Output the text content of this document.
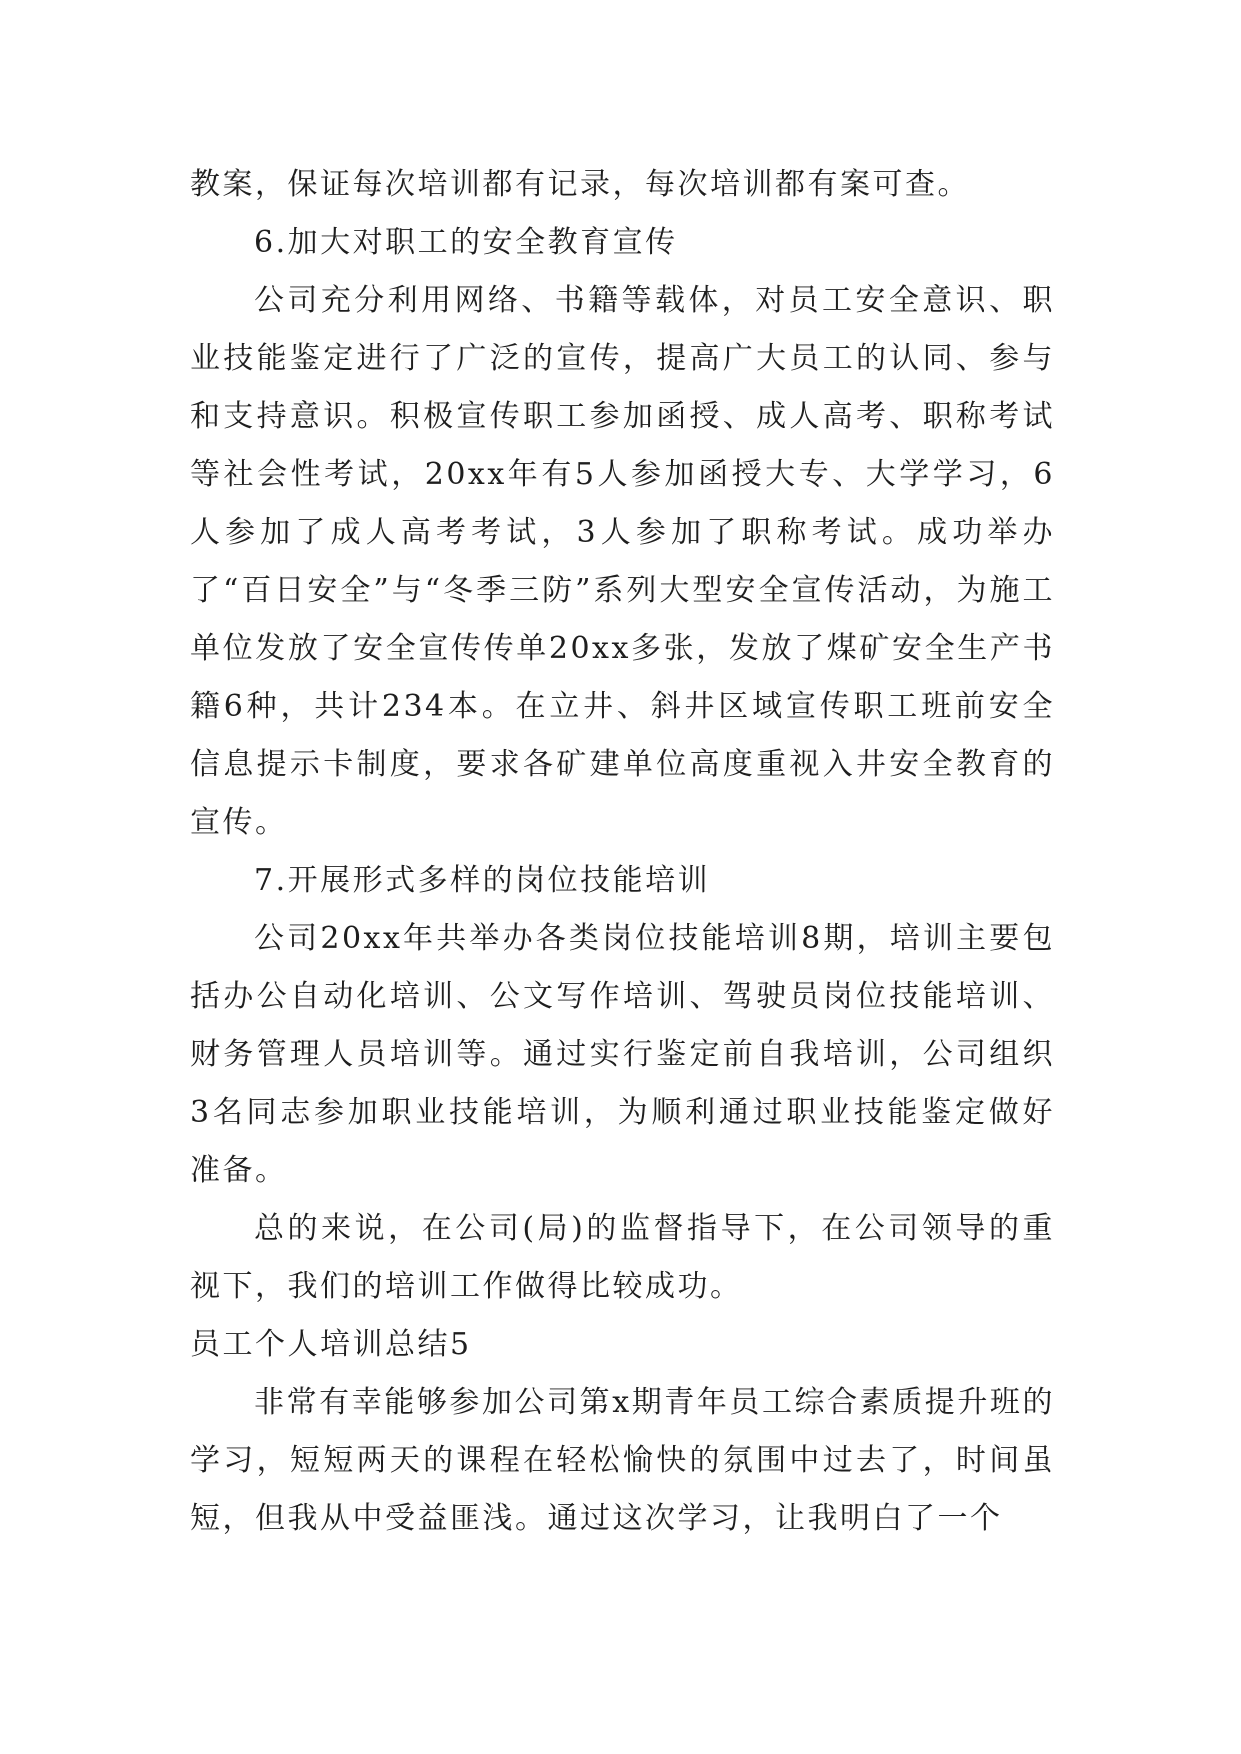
教案，保证每次培训都有记录，每次培训都有案可查。

6.加大对职工的安全教育宣传

公司充分利用网络、书籍等载体，对员工安全意识、职业技能鉴定进行了广泛的宣传，提高广大员工的认同、参与和支持意识。积极宣传职工参加函授、成人高考、职称考试等社会性考试，20xx年有5人参加函授大专、大学学习，6人参加了成人高考考试，3人参加了职称考试。成功举办了“百日安全”与“冬季三防”系列大型安全宣传活动，为施工单位发放了安全宣传传单20xx多张，发放了煤矿安全生产书籍6种，共计234本。在立井、斜井区域宣传职工班前安全信息提示卡制度，要求各矿建单位高度重视入井安全教育的宣传。

7.开展形式多样的岗位技能培训

公司20xx年共举办各类岗位技能培训8期，培训主要包括办公自动化培训、公文写作培训、驾驶员岗位技能培训、财务管理人员培训等。通过实行鉴定前自我培训，公司组织3名同志参加职业技能培训，为顺利通过职业技能鉴定做好准备。

总的来说，在公司(局)的监督指导下，在公司领导的重视下，我们的培训工作做得比较成功。

员工个人培训总结5

非常有幸能够参加公司第x期青年员工综合素质提升班的学习，短短两天的课程在轻松愉快的氛围中过去了，时间虽短，但我从中受益匪浅。通过这次学习，让我明白了一个
